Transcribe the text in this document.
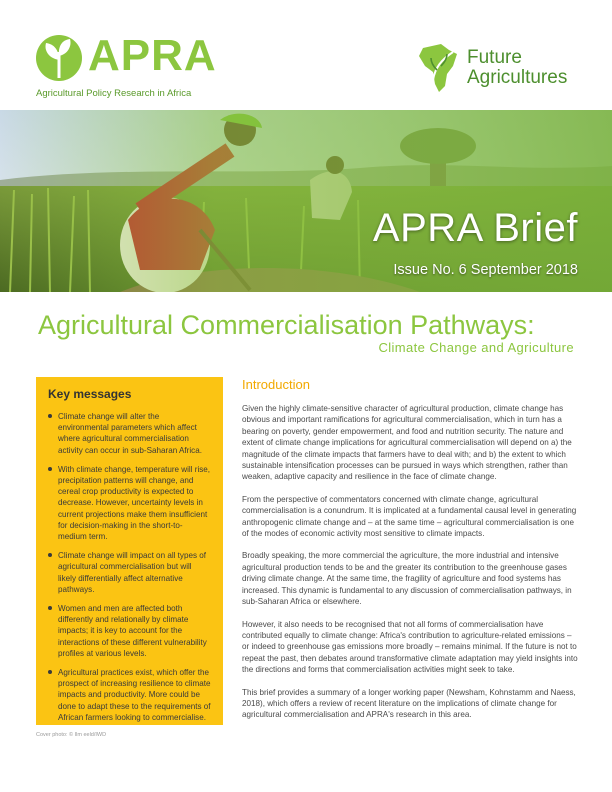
APRA
Agricultural Policy Research in Africa
Future
Agricultures
APRA Brief
Issue No. 6 September 2018
Agricultural Commercialisation Pathways:
Climate Change and Agriculture
Key messages
Climate change will alter the environmental parameters which affect where agricultural commercialisation activity can occur in sub-Saharan Africa.
With climate change, temperature will rise, precipitation patterns will change, and cereal crop productivity is expected to decrease. However, uncertainty levels in current projections make them insufficient for decision-making in the short-to-medium term.
Climate change will impact on all types of agricultural commercialisation but will likely differentially affect alternative pathways.
Women and men are affected both differently and relationally by climate impacts; it is key to account for the interactions of these different vulnerability profiles at various levels.
Agricultural practices exist, which offer the prospect of increasing resilience to climate impacts and productivity. More could be done to adapt these to the requirements of African farmers looking to commercialise.
Cover photo: © Ilm eeld/IWD
Introduction

Given the highly climate-sensitive character of agricultural production, climate change has obvious and important ramifications for agricultural commercialisation, which in turn has a bearing on poverty, gender empowerment, and food and nutrition security. The nature and extent of climate change implications for agricultural commercialisation will depend on a) the magnitude of the climate impacts that farmers have to deal with; and b) the extent to which sustainable intensification processes can be pursued in ways which strengthen, rather than weaken, adaptive capacity and resilience in the face of climate change.

From the perspective of commentators concerned with climate change, agricultural commercialisation is a conundrum. It is implicated at a fundamental causal level in generating anthropogenic climate change and – at the same time – agricultural commercialisation is one of the modes of economic activity most sensitive to climate impacts.

Broadly speaking, the more commercial the agriculture, the more industrial and intensive agricultural production tends to be and the greater its contribution to the greenhouse gases driving climate change. At the same time, the fragility of agriculture and food systems has increased. This dynamic is fundamental to any discussion of commercialisation pathways, in sub-Saharan Africa or elsewhere.

However, it also needs to be recognised that not all forms of commercialisation have contributed equally to climate change: Africa's contribution to agriculture-related emissions – or indeed to greenhouse gas emissions more broadly – remains minimal. If the future is not to repeat the past, then debates around transformative climate adaptation may yield insights into the directions and forms that commercialisation activities might seek to take.

This brief provides a summary of a longer working paper (Newsham, Kohnstamm and Naess, 2018), which offers a review of recent literature on the implications of climate change for agricultural commercialisation and APRA's research in this area.
